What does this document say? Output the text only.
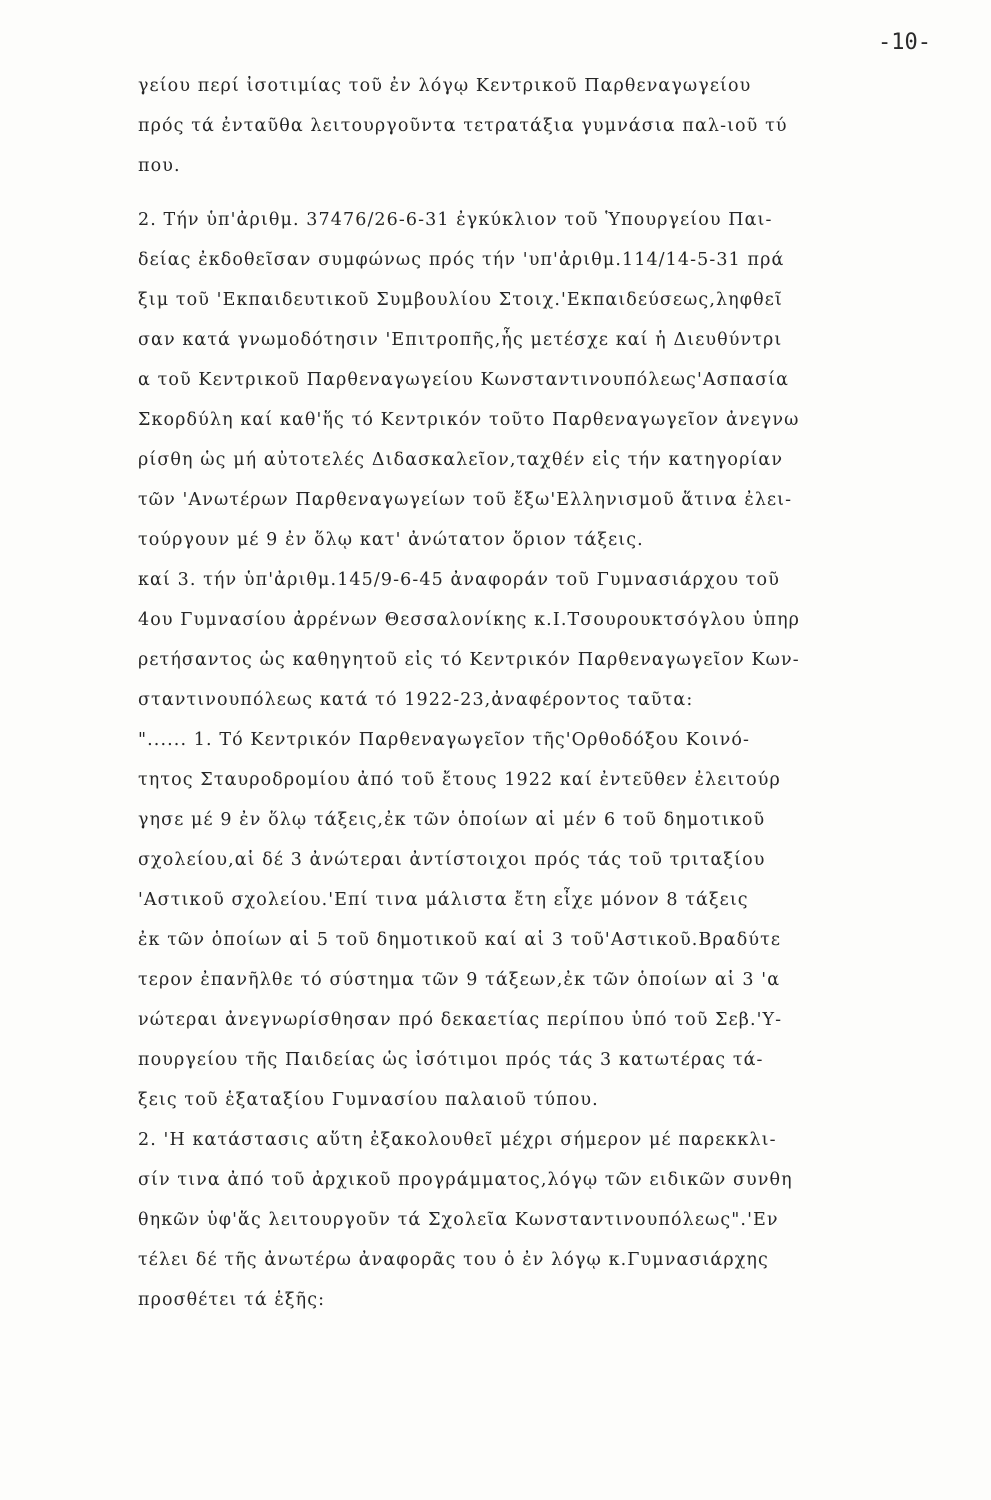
-10-
γείου περί ἰσοτιμίας τοῦ ἐν λόγῳ Κεντρικοῦ Παρθεναγωγείου
πρός τά ἐνταῦθα λειτουργοῦντα τετρατάξια γυμνάσια παλ-ιοῦ τύ
που.
2. Τήν ὑπ'ἀριθμ. 37476/26-6-31 ἐγκύκλιον τοῦ Ὑπουργείου Παι-
δείας ἐκδοθεῖσαν συμφώνως πρός τήν 'υπ'ἀριθμ.114/14-5-31 πρά
ξιμ τοῦ 'Εκπαιδευτικοῦ Συμβουλίου Στοιχ.'Εκπαιδεύσεως,ληφθεῖ
σαν κατά γνωμοδότησιν 'Επιτροπῆς,ἧς μετέσχε καί ἡ Διευθύντρι
α τοῦ Κεντρικοῦ Παρθεναγωγείου Κωνσταντινουπόλεως'Ασπασία
Σκορδύλη καί καθ'ἥς τό Κεντρικόν τοῦτο Παρθεναγωγεῖον ἀνεγνω
ρίσθη ὡς μή αὐτοτελές Διδασκαλεῖον,ταχθέν εἰς τήν κατηγορίαν
τῶν 'Ανωτέρων Παρθεναγωγείων τοῦ ἔξω'Ελληνισμοῦ ἅτινα ἐλει-
τούργουν μέ 9 ἐν ὅλῳ κατ' ἀνώτατον ὅριον τάξεις.
καί 3. τήν ὑπ'ἀριθμ.145/9-6-45 ἀναφοράν τοῦ Γυμνασιάρχου τοῦ
4ου Γυμνασίου ἀρρένων Θεσσαλονίκης κ.Ι.Τσουρουκτσόγλου ὑπηρ
ρετήσαντος ὡς καθηγητοῦ εἰς τό Κεντρικόν Παρθεναγωγεῖον Κων-
σταντινουπόλεως κατά τό 1922-23,ἀναφέροντος ταῦτα:
"...... 1. Τό Κεντρικόν Παρθεναγωγεῖον τῆς'Ορθοδόξου Κοινό-
τητος Σταυροδρομίου ἀπό τοῦ ἔτους 1922 καί ἐντεῦθεν ἐλειτούρ
γησε μέ 9 ἐν ὅλῳ τάξεις,ἐκ τῶν ὁποίων αἱ μέν 6 τοῦ δημοτικοῦ
σχολείου,αἱ δέ 3 ἀνώτεραι ἀντίστοιχοι πρός τάς τοῦ τριταξίου
'Αστικοῦ σχολείου.'Επί τινα μάλιστα ἔτη εἶχε μόνον 8 τάξεις
ἐκ τῶν ὁποίων αἱ 5 τοῦ δημοτικοῦ καί αἱ 3 τοῦ'Αστικοῦ.Βραδύτε
τερον ἐπανῆλθε τό σύστημα τῶν 9 τάξεων,ἐκ τῶν ὁποίων αἱ 3 'α
νώτεραι ἀνεγνωρίσθησαν πρό δεκαετίας περίπου ὑπό τοῦ Σεβ.'Υ-
πουργείου τῆς Παιδείας ὡς ἰσότιμοι πρός τάς 3 κατωτέρας τά-
ξεις τοῦ ἑξαταξίου Γυμνασίου παλαιοῦ τύπου.
2. 'Η κατάστασις αὕτη ἐξακολουθεῖ μέχρι σήμερον μέ παρεκκλι-
σίν τινα ἀπό τοῦ ἀρχικοῦ προγράμματος,λόγῳ τῶν ειδικῶν συνθη
θηκῶν ὑφ'ἅς λειτουργοῦν τά Σχολεῖα Κωνσταντινουπόλεως".'Εν
τέλει δέ τῆς ἀνωτέρω ἀναφορᾶς του ὁ ἐν λόγῳ κ.Γυμνασιάρχης
προσθέτει τά ἑξῆς:
